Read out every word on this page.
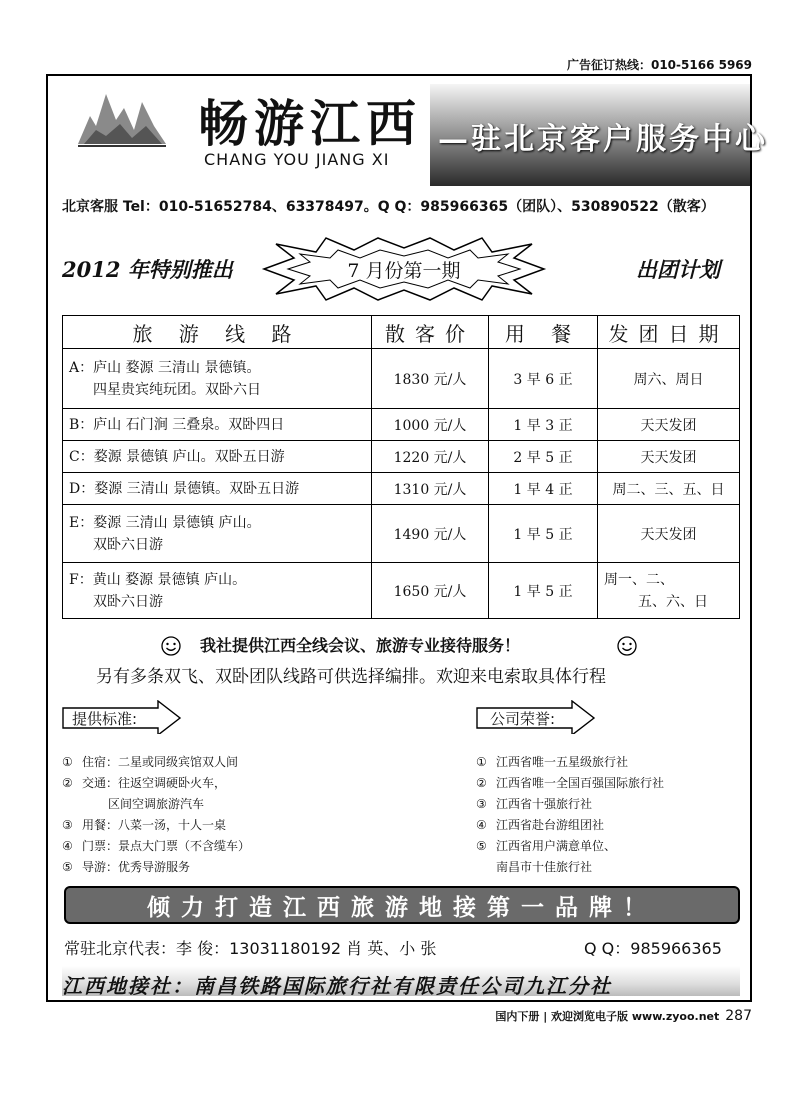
广告征订热线：010-5166 5969
畅游江西
CHANG YOU JIANG XI
—驻北京客户服务中心
北京客服 Tel：010-51652784、63378497。Q Q：985966365（团队）、530890522（散客）
2012 年特别推出	7 月份第一期	出团计划
旅 游 线 路	散客价	用 餐	发团日期

A：庐山 婺源 三清山 景德镇。
四星贵宾纯玩团。双卧六日	1830 元/人	3 早 6 正	周六、周日
B：庐山 石门涧 三叠泉。双卧四日	1000 元/人	1 早 3 正	天天发团
C：婺源 景德镇 庐山。双卧五日游	1220 元/人	2 早 5 正	天天发团
D：婺源 三清山 景德镇。双卧五日游	1310 元/人	1 早 4 正	周二、三、五、日

E：婺源 三清山 景德镇 庐山。
双卧六日游	1490 元/人	1 早 5 正	天天发团

F：黄山 婺源 景德镇 庐山。
双卧六日游	1650 元/人	1 早 5 正	周一、二、
五、六、日
我社提供江西全线会议、旅游专业接待服务！
另有多条双飞、双卧团队线路可供选择编排。欢迎来电索取具体行程
提供标准:	公司荣誉:
① 住宿：二星或同级宾馆双人间
② 交通：往返空调硬卧火车，
区间空调旅游汽车
③ 用餐：八菜一汤，十人一桌
④ 门票：景点大门票（不含缆车）
⑤ 导游：优秀导游服务
① 江西省唯一五星级旅行社
② 江西省唯一全国百强国际旅行社
③ 江西省十强旅行社
④ 江西省赴台游组团社
⑤ 江西省用户满意单位、
南昌市十佳旅行社
倾力打造江西旅游地接第一品牌！
常驻北京代表：李 俊：13031180192 肖 英、小 张	Q Q：985966365
江西地接社：南昌铁路国际旅行社有限责任公司九江分社
国内下册 | 欢迎浏览电子版 www.zyoo.net 287
